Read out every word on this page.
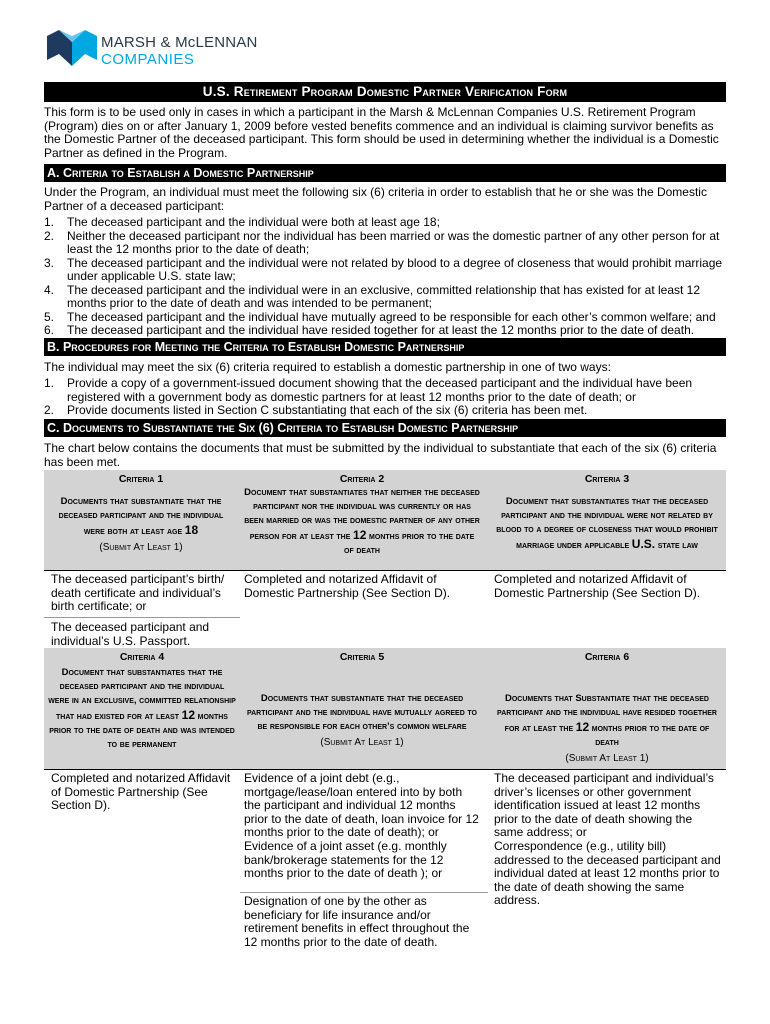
MARSH & McLENNAN
COMPANIES
U.S. Retirement Program Domestic Partner Verification Form
This form is to be used only in cases in which a participant in the Marsh & McLennan Companies U.S. Retirement Program (Program) dies on or after January 1, 2009 before vested benefits commence and an individual is claiming survivor benefits as the Domestic Partner of the deceased participant. This form should be used in determining whether the individual is a Domestic Partner as defined in the Program.
A. Criteria to Establish a Domestic Partnership
Under the Program, an individual must meet the following six (6) criteria in order to establish that he or she was the Domestic Partner of a deceased participant:
1. The deceased participant and the individual were both at least age 18;
2. Neither the deceased participant nor the individual has been married or was the domestic partner of any other person for at least the 12 months prior to the date of death;
3. The deceased participant and the individual were not related by blood to a degree of closeness that would prohibit marriage under applicable U.S. state law;
4. The deceased participant and the individual were in an exclusive, committed relationship that has existed for at least 12 months prior to the date of death and was intended to be permanent;
5. The deceased participant and the individual have mutually agreed to be responsible for each other’s common welfare; and
6. The deceased participant and the individual have resided together for at least the 12 months prior to the date of death.
B. Procedures for Meeting the Criteria to Establish Domestic Partnership
The individual may meet the six (6) criteria required to establish a domestic partnership in one of two ways:
1. Provide a copy of a government-issued document showing that the deceased participant and the individual have been registered with a government body as domestic partners for at least 12 months prior to the date of death; or
2. Provide documents listed in Section C substantiating that each of the six (6) criteria has been met.
C. Documents to Substantiate the Six (6) Criteria to Establish Domestic Partnership
The chart below contains the documents that must be submitted by the individual to substantiate that each of the six (6) criteria has been met.
Criteria 1
Documents that substantiate that the deceased participant and the individual were both at least age 18
(Submit At Least 1)
Criteria 2
Document that substantiates that neither the deceased participant nor the individual was currently or has been married or was the domestic partner of any other person for at least the 12 months prior to the date of death
Criteria 3
Document that substantiates that the deceased participant and the individual were not related by blood to a degree of closeness that would prohibit marriage under applicable U.S. state law
The deceased participant’s birth/ death certificate and individual’s birth certificate; or
The deceased participant and individual’s U.S. Passport.
Completed and notarized Affidavit of Domestic Partnership (See Section D).
Completed and notarized Affidavit of Domestic Partnership (See Section D).
Criteria 4
Document that substantiates that the deceased participant and the individual were in an exclusive, committed relationship that had existed for at least 12 months prior to the date of death and was intended to be permanent
Criteria 5
Documents that substantiate that the deceased participant and the individual have mutually agreed to be responsible for each other’s common welfare
(Submit At Least 1)
Criteria 6
Documents that Substantiate that the deceased participant and the individual have resided together for at least the 12 months prior to the date of death
(Submit At Least 1)
Completed and notarized Affidavit of Domestic Partnership (See Section D).
Evidence of a joint debt (e.g., mortgage/lease/loan entered into by both the participant and individual 12 months prior to the date of death, loan invoice for 12 months prior to the date of death); or
Evidence of a joint asset (e.g. monthly bank/brokerage statements for the 12 months prior to the date of death ); or
Designation of one by the other as beneficiary for life insurance and/or retirement benefits in effect throughout the 12 months prior to the date of death.
The deceased participant and individual’s driver’s licenses or other government identification issued at least 12 months prior to the date of death showing the same address; or
Correspondence (e.g., utility bill) addressed to the deceased participant and individual dated at least 12 months prior to the date of death showing the same address.
